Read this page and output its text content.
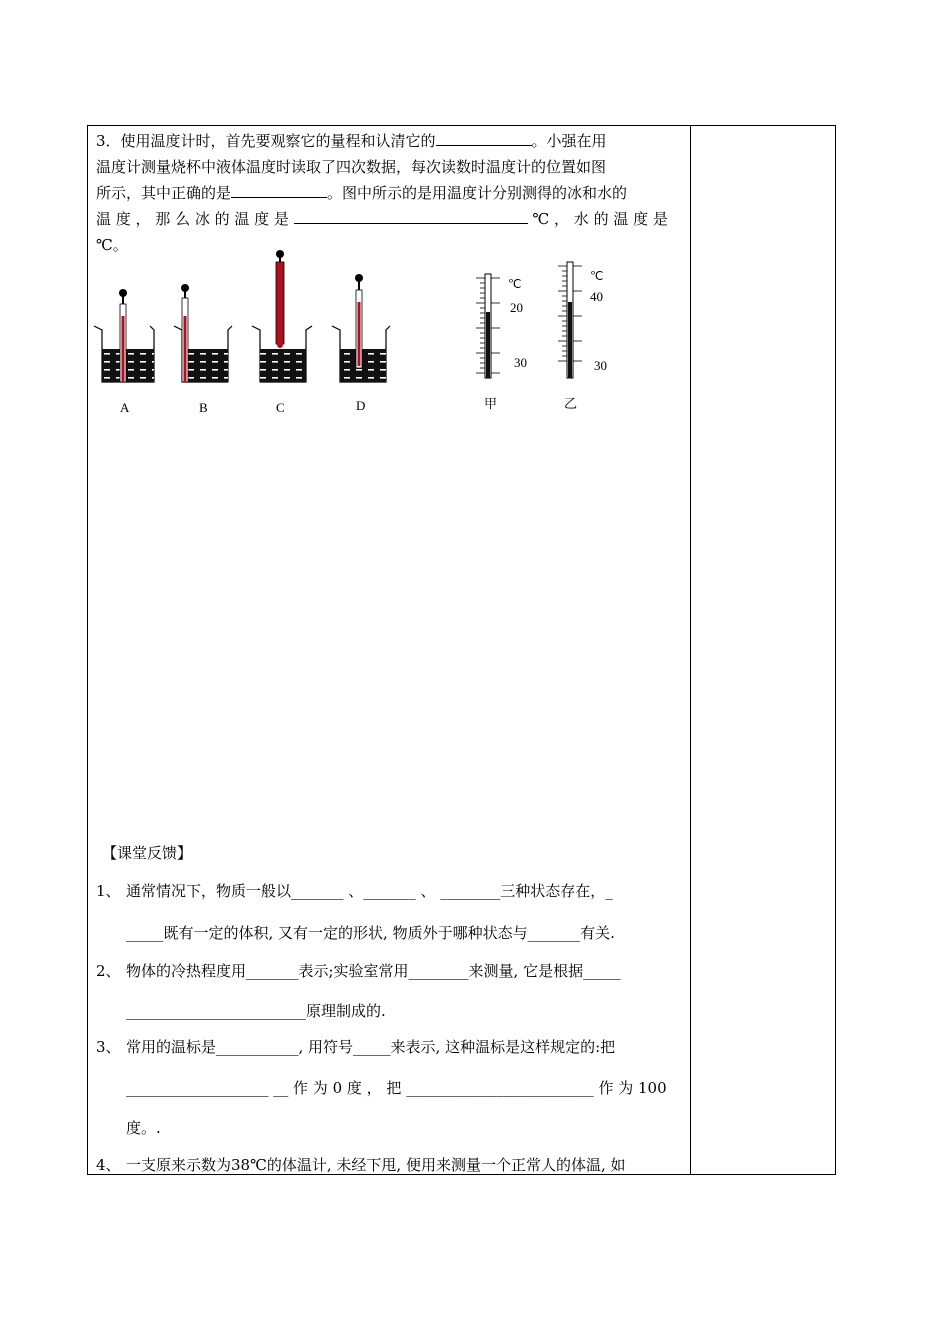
3．使用温度计时，首先要观察它的量程和认清它的	。小强在用

温度计测量烧杯中液体温度时读取了四次数据，每次读数时温度计的位置如图

所示，其中正确的是	。图中所示的是用温度计分别测得的冰和水的

温 度 ， 那 么 冰 的 温 度 是	℃ ， 水 的 温 度 是

℃。

A	B	C	D
℃
20
30
甲
℃
40
30
乙
【课堂反馈】
1、 通常情况下，物质一般以_______ 、_______ 、 ________三种状态存在，_
_____既有一定的体积, 又有一定的形状, 物质外于哪种状态与_______有关.
2、 物体的冷热程度用_______表示;实验室常用________来测量, 它是根据_____
________________________原理制成的.
3、 常用的温标是___________, 用符号_____来表示, 这种温标是这样规定的:把
___________________ __ 作 为 0 度 ， 把 _________________________ 作 为 100
度。.
4、 一支原来示数为38℃的体温计, 未经下甩, 便用来测量一个正常人的体温, 如
